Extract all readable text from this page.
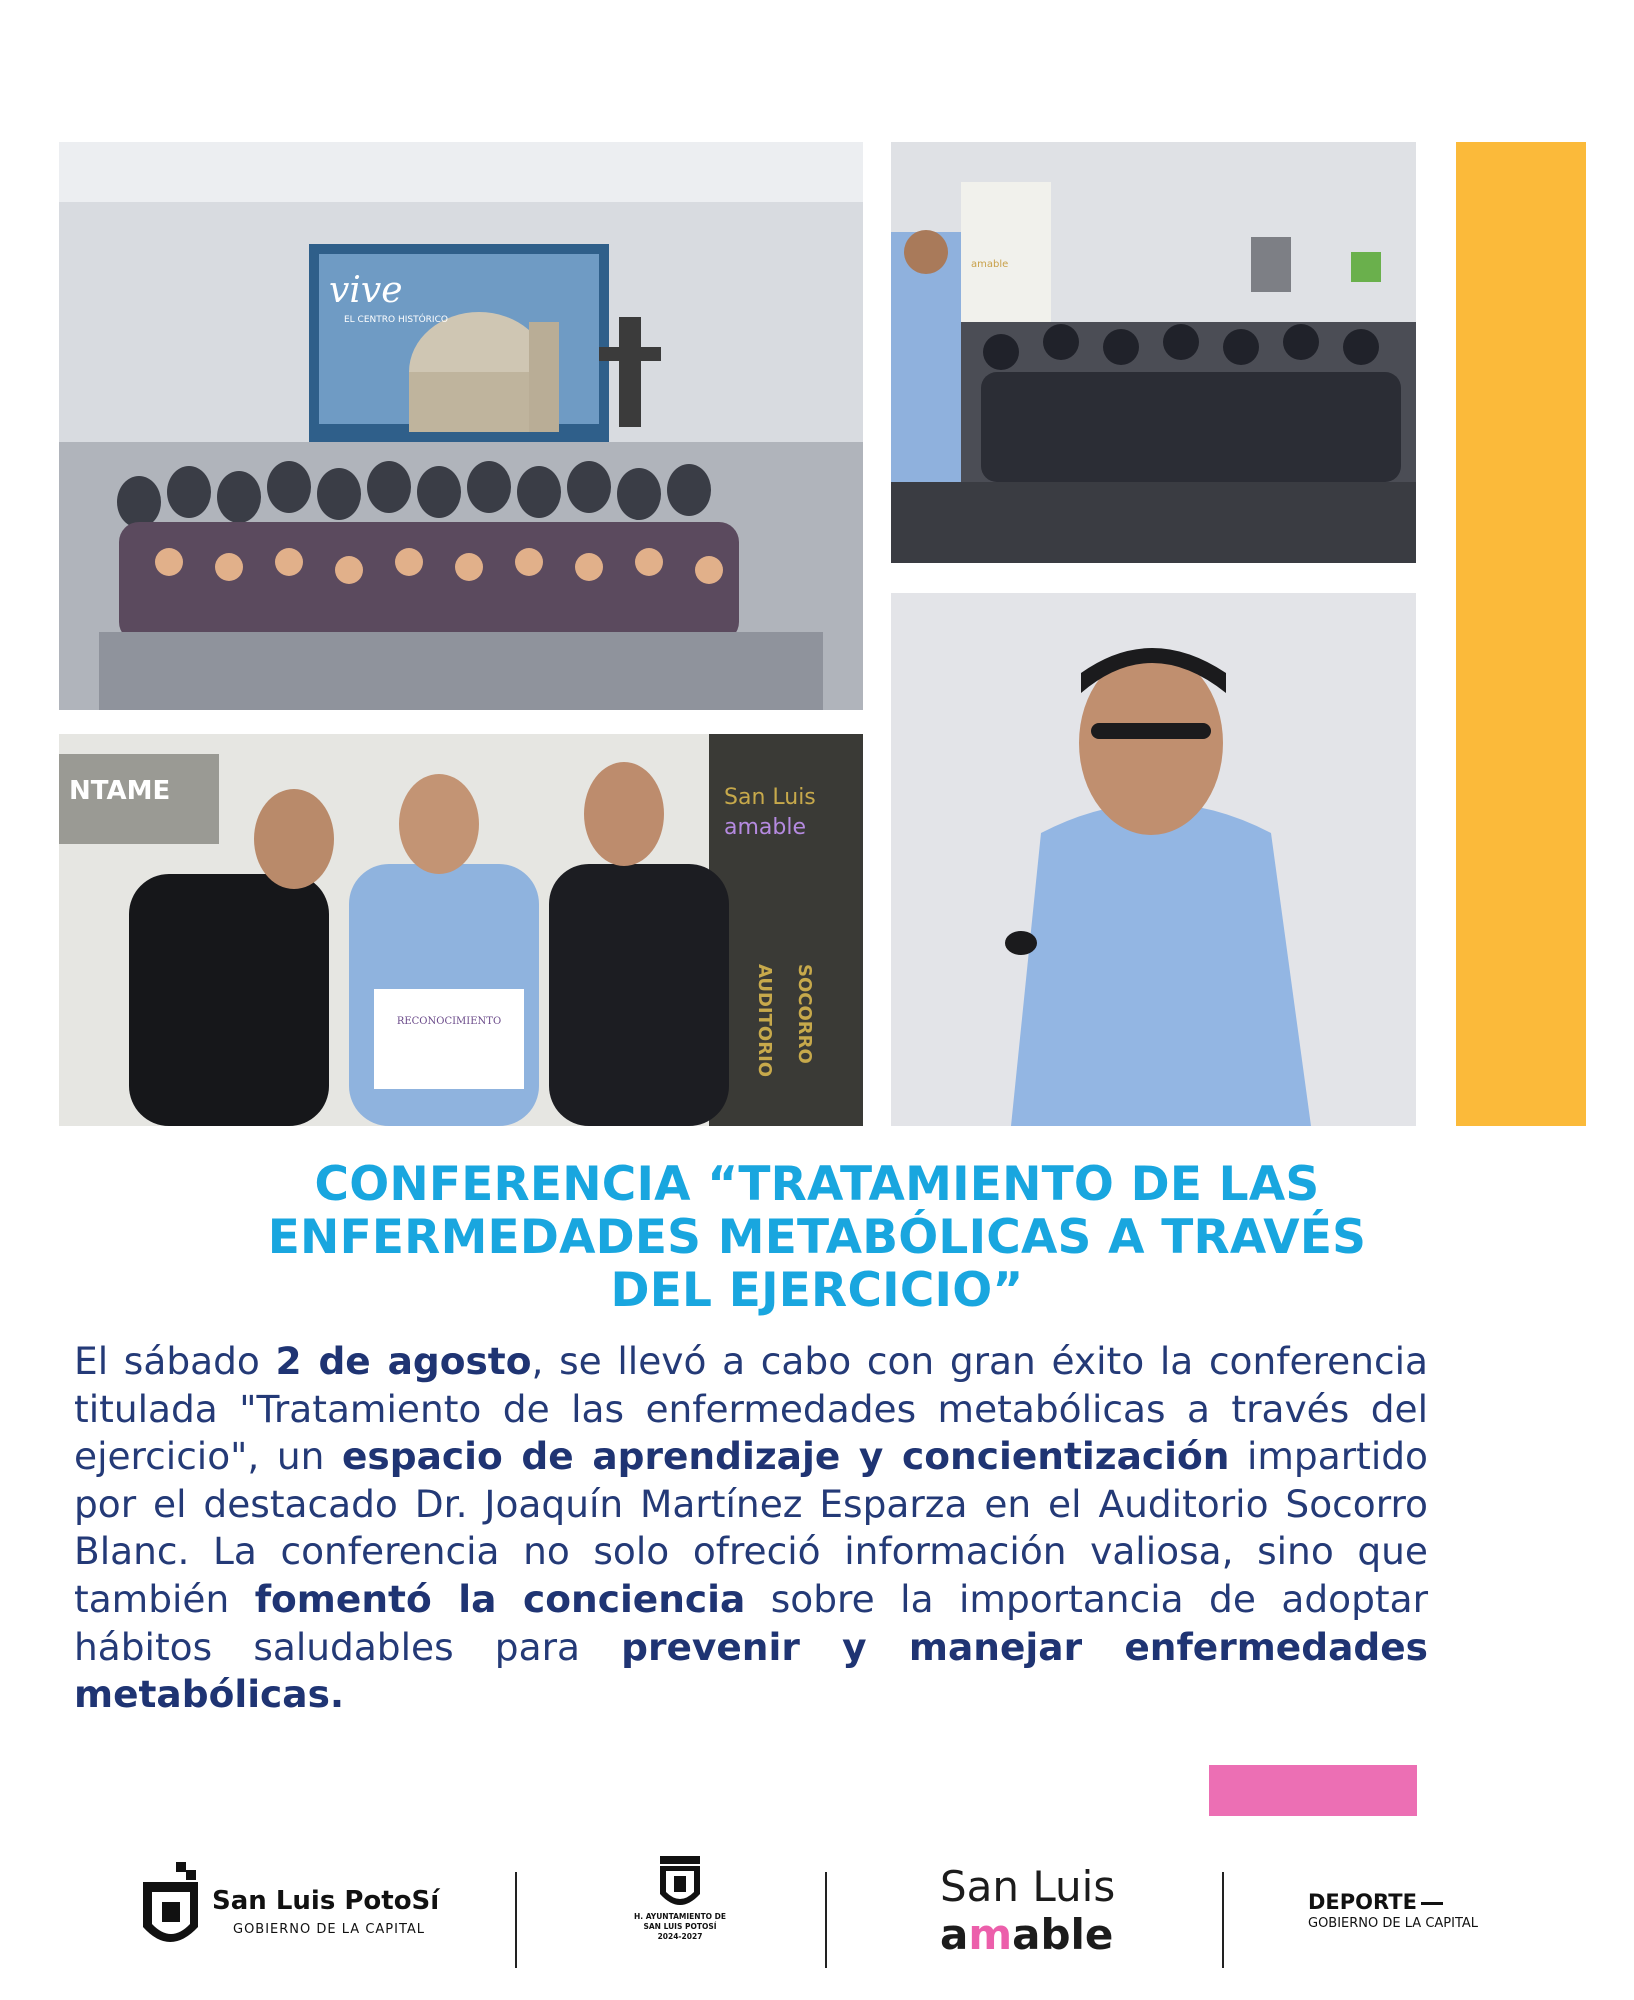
vive
EL CENTRO HISTÓRICO
amable
NTAME	San Luis
amable
AUDITORIO SOCORRO
RECONOCIMIENTO
CONFERENCIA “TRATAMIENTO DE LAS
ENFERMEDADES METABÓLICAS A TRAVÉS
DEL EJERCICIO”

El sábado 2 de agosto, se llevó a cabo con gran éxito la conferencia titulada "Tratamiento de las enfermedades metabólicas a través del ejercicio", un espacio de aprendizaje y concientización impartido por el destacado Dr. Joaquín Martínez Esparza en el Auditorio Socorro Blanc. La conferencia no solo ofreció información valiosa, sino que también fomentó la conciencia sobre la importancia de adoptar hábitos saludables para prevenir y manejar enfermedades metabólicas.

San Luis PotoSí
GOBIERNO DE LA CAPITAL
H. AYUNTAMIENTO DE
SAN LUIS POTOSÍ
2024-2027
San Luis
amable
DEPORTE
GOBIERNO DE LA CAPITAL
